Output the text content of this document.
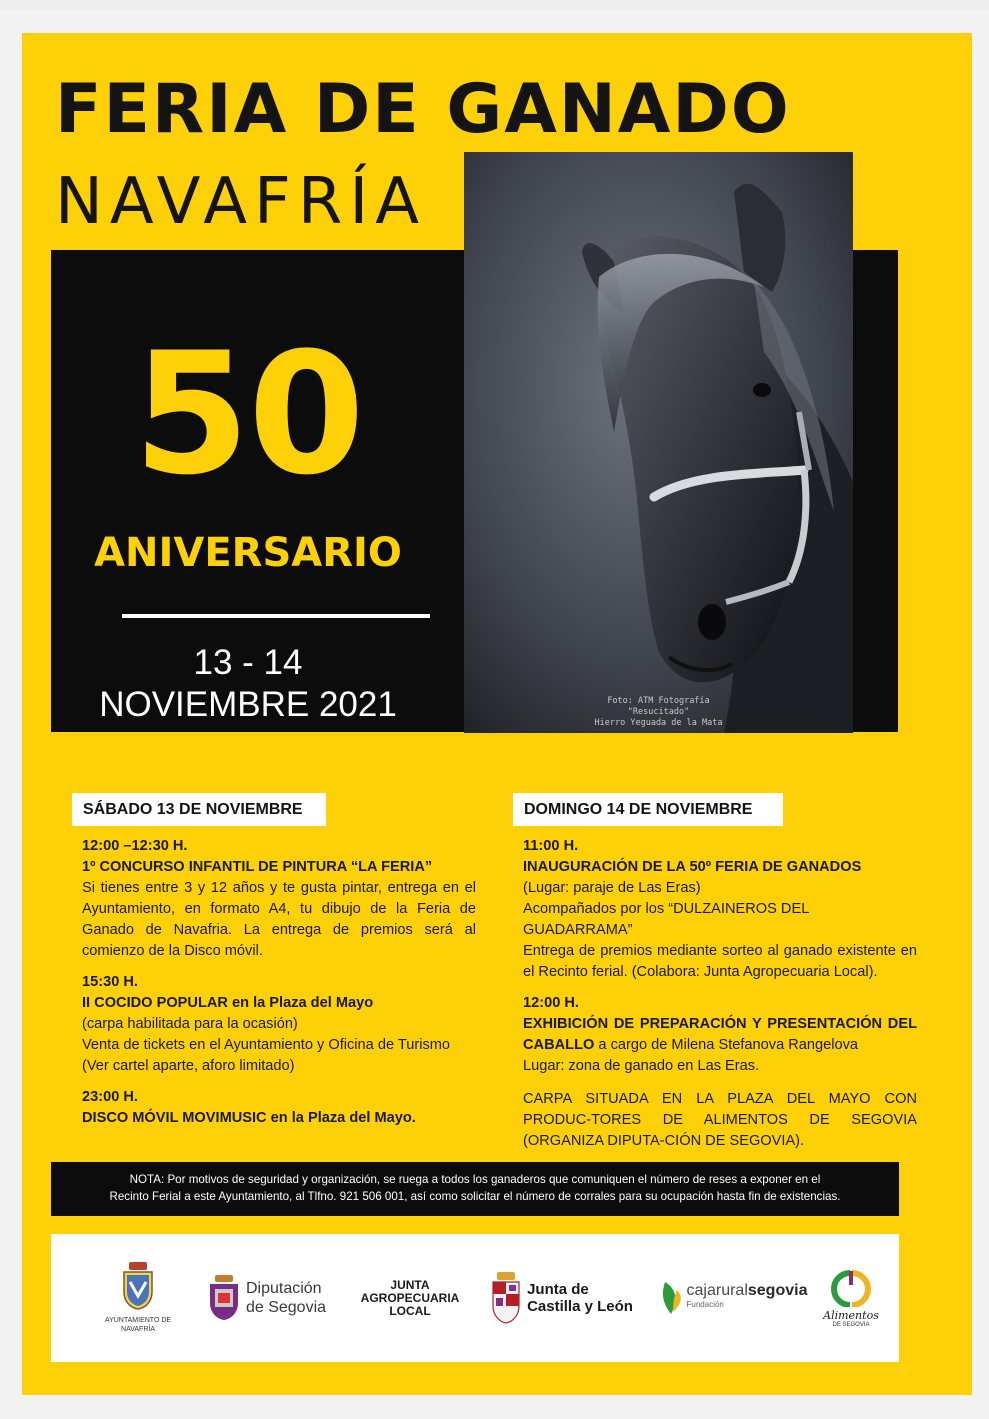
FERIA DE GANADO
NAVAFRÍA
Foto: ATM Fotografía
"Resucitado"
Hierro Yeguada de la Mata
50
ANIVERSARIO
13 - 14
NOVIEMBRE 2021
SÁBADO 13 DE NOVIEMBRE

12:00 –12:30 H.

1º CONCURSO INFANTIL DE PINTURA “LA FERIA”

Si tienes entre 3 y 12 años y te gusta pintar, entrega en el Ayuntamiento, en formato A4, tu dibujo de la Feria de Ganado de Navafria. La entrega de premios será al comienzo de la Disco móvil.

15:30 H.

II COCIDO POPULAR en la Plaza del Mayo

(carpa habilitada para la ocasión)

Venta de tickets en el Ayuntamiento y Oficina de Turismo

(Ver cartel aparte, aforo limitado)

23:00 H.

DISCO MÓVIL MOVIMUSIC en la Plaza del Mayo.

DOMINGO 14 DE NOVIEMBRE

11:00 H.

INAUGURACIÓN DE LA 50º FERIA DE GANADOS

(Lugar: paraje de Las Eras)

Acompañados por los “DULZAINEROS DEL GUADARRAMA”

Entrega de premios mediante sorteo al ganado existente en el Recinto ferial. (Colabora: Junta Agropecuaria Local).

12:00 H.

EXHIBICIÓN DE PREPARACIÓN Y PRESENTACIÓN DEL CABALLO a cargo de Milena Stefanova Rangelova

Lugar: zona de ganado en Las Eras.

CARPA SITUADA EN LA PLAZA DEL MAYO CON PRODUC-TORES DE ALIMENTOS DE SEGOVIA (ORGANIZA DIPUTA-CIÓN DE SEGOVIA).

NOTA: Por motivos de seguridad y organización, se ruega a todos los ganaderos que comuniquen el número de reses a exponer en el
Recinto Ferial a este Ayuntamiento, al Tlfno. 921 506 001, así como solicitar el número de corrales para su ocupación hasta fin de existencias.
AYUNTAMIENTO DE
NAVAFRÍA
Diputación
de Segovia
JUNTA
AGROPECUARIA
LOCAL
Junta de
Castilla y León
cajaruralsegovia
Fundación
Alimentos
DE SEGOVIA
